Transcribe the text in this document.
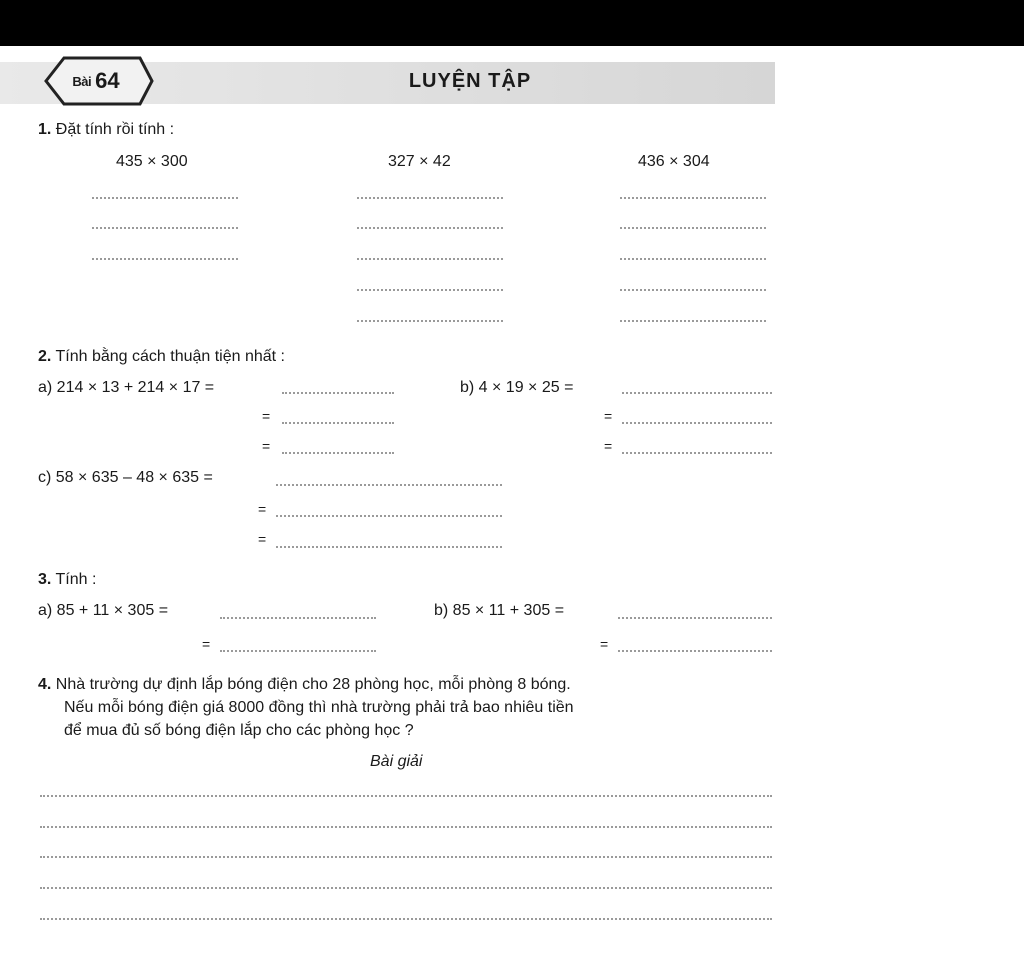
Bài 64	LUYỆN TẬP
1. Đặt tính rồi tính :
435 × 300	327 × 42	436 × 304
2. Tính bằng cách thuận tiện nhất :
a) 214 × 13 + 214 × 17 =
=
=
b) 4 × 19 × 25 =
=
=
c) 58 × 635 – 48 × 635 =
=
=
3. Tính :
a) 85 + 11 × 305 =
=
b) 85 × 11 + 305 =
=
4. Nhà trường dự định lắp bóng điện cho 28 phòng học, mỗi phòng 8 bóng.
Nếu mỗi bóng điện giá 8000 đồng thì nhà trường phải trả bao nhiêu tiền
để mua đủ số bóng điện lắp cho các phòng học ?
Bài giải
